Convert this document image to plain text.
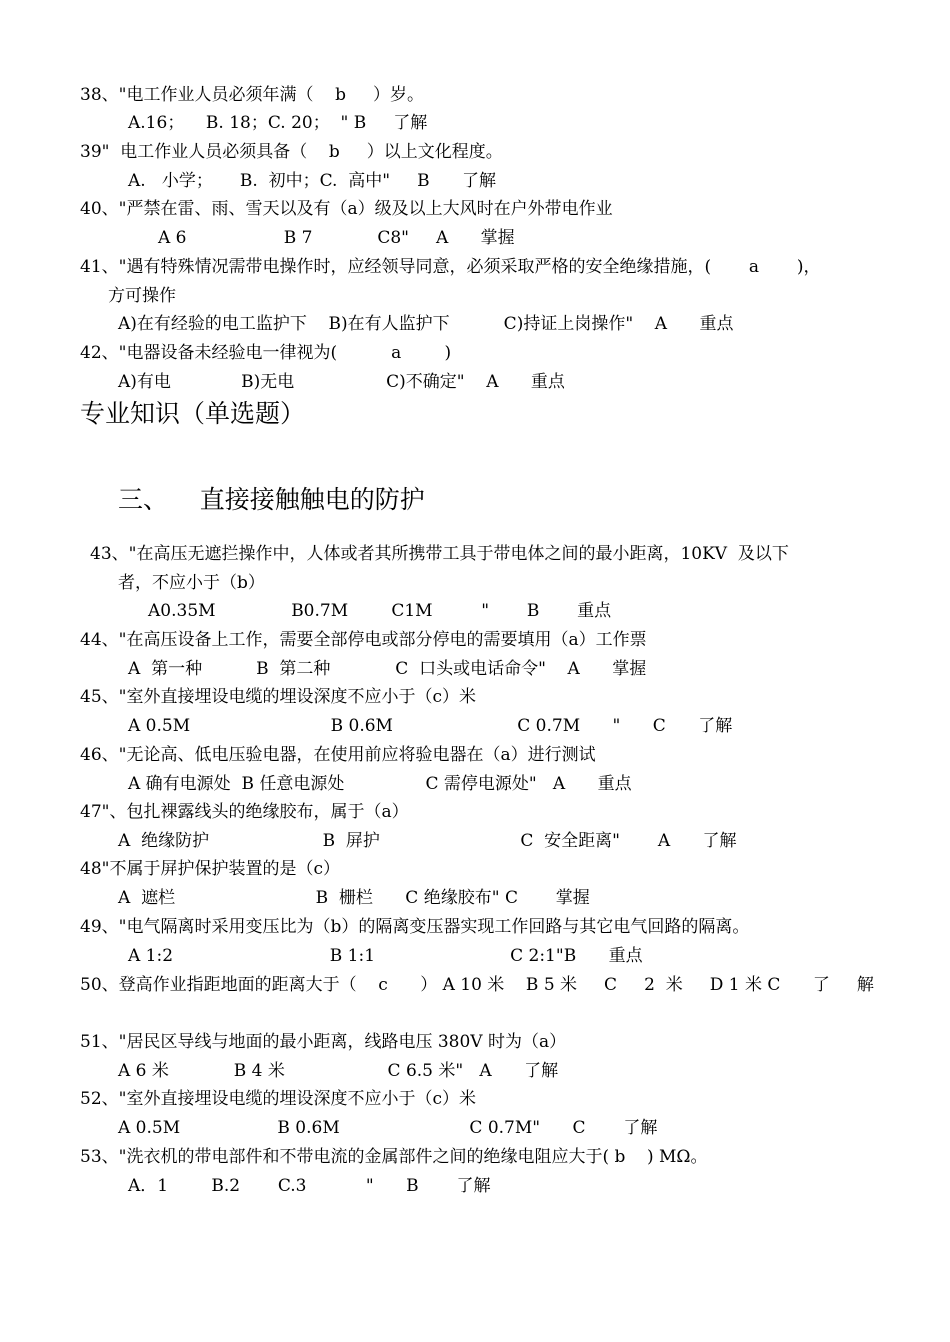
38、"电工作业人员必须年满（    b     ）岁。

A.16；    B. 18；C. 20；  " B     了解

39"  电工作业人员必须具备（    b     ）以上文化程度。

A.   小学；     B.  初中；C.  高中"     B      了解

40、"严禁在雷、雨、雪天以及有（a）级及以上大风时在户外带电作业

A 6                  B 7            C8"     A      掌握

41、"遇有特殊情况需带电操作时，应经领导同意，必须采取严格的安全绝缘措施，(       a       )，

方可操作

A)在有经验的电工监护下    B)在有人监护下          C)持证上岗操作"    A      重点

42、"电器设备未经验电一律视为(          a        )

A)有电             B)无电                 C)不确定"    A      重点

专业知识（单选题）

三、    直接接触触电的防护

43、"在高压无遮拦操作中，人体或者其所携带工具于带电体之间的最小距离，10KV  及以下

者，不应小于（b）

A0.35M              B0.7M        C1M         "       B       重点

44、"在高压设备上工作，需要全部停电或部分停电的需要填用（a）工作票

A  第一种          B  第二种            C  口头或电话命令"    A      掌握

45、"室外直接埋设电缆的埋设深度不应小于（c）米

A 0.5M                          B 0.6M                       C 0.7M      "      C      了解

46、"无论高、低电压验电器，在使用前应将验电器在（a）进行测试

A 确有电源处  B 任意电源处               C 需停电源处"   A      重点

47"、包扎裸露线头的绝缘胶布，属于（a）

A  绝缘防护                     B  屏护                          C  安全距离"       A      了解

48"不属于屏护保护装置的是（c）

A  遮栏                          B  栅栏      C 绝缘胶布" C       掌握

49、"电气隔离时采用变压比为（b）的隔离变压器实现工作回路与其它电气回路的隔离。

A 1:2                             B 1:1                         C 2:1"B      重点

50、登高作业指距地面的距离大于（    c      ） A 10 米    B 5 米     C     2  米     D 1 米 C      了     解

51、"居民区导线与地面的最小距离，线路电压 380V 时为（a）

A 6 米            B 4 米                   C 6.5 米"   A      了解

52、"室外直接埋设电缆的埋设深度不应小于（c）米

A 0.5M                  B 0.6M                        C 0.7M"      C       了解

53、"洗衣机的带电部件和不带电流的金属部件之间的绝缘电阻应大于( b    ) MΩ。

A．1        B.2       C.3           "      B       了解
